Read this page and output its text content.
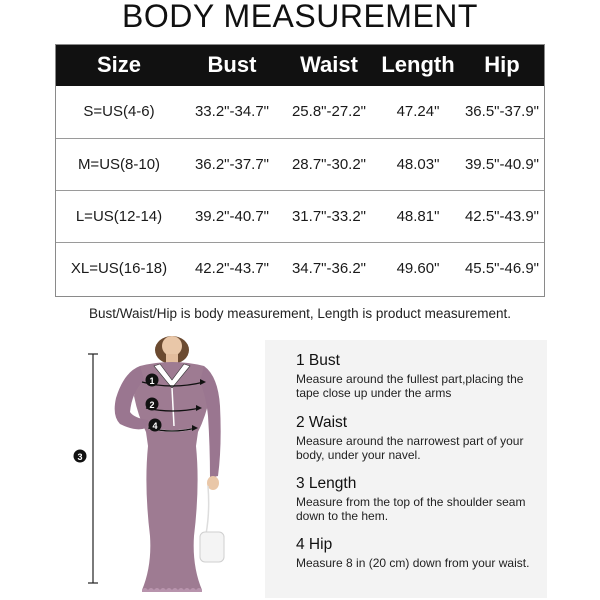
BODY MEASUREMENT
Size	Bust	Waist	Length	Hip
S=US(4-6)	33.2"-34.7"	25.8"-27.2"	47.24"	36.5"-37.9"
M=US(8-10)	36.2"-37.7"	28.7"-30.2"	48.03"	39.5"-40.9"
L=US(12-14)	39.2"-40.7"	31.7"-33.2"	48.81"	42.5"-43.9"
XL=US(16-18)	42.2"-43.7"	34.7"-36.2"	49.60"	45.5"-46.9"
Bust/Waist/Hip is body measurement, Length is product measurement.
1
2
4
3
1 Bust

Measure around the fullest part,placing the tape close up under the arms

2 Waist

Measure around the narrowest part of your body, under your navel.

3 Length

Measure from the top of the shoulder seam down to the hem.

4 Hip

Measure 8 in (20 cm) down from your waist.
